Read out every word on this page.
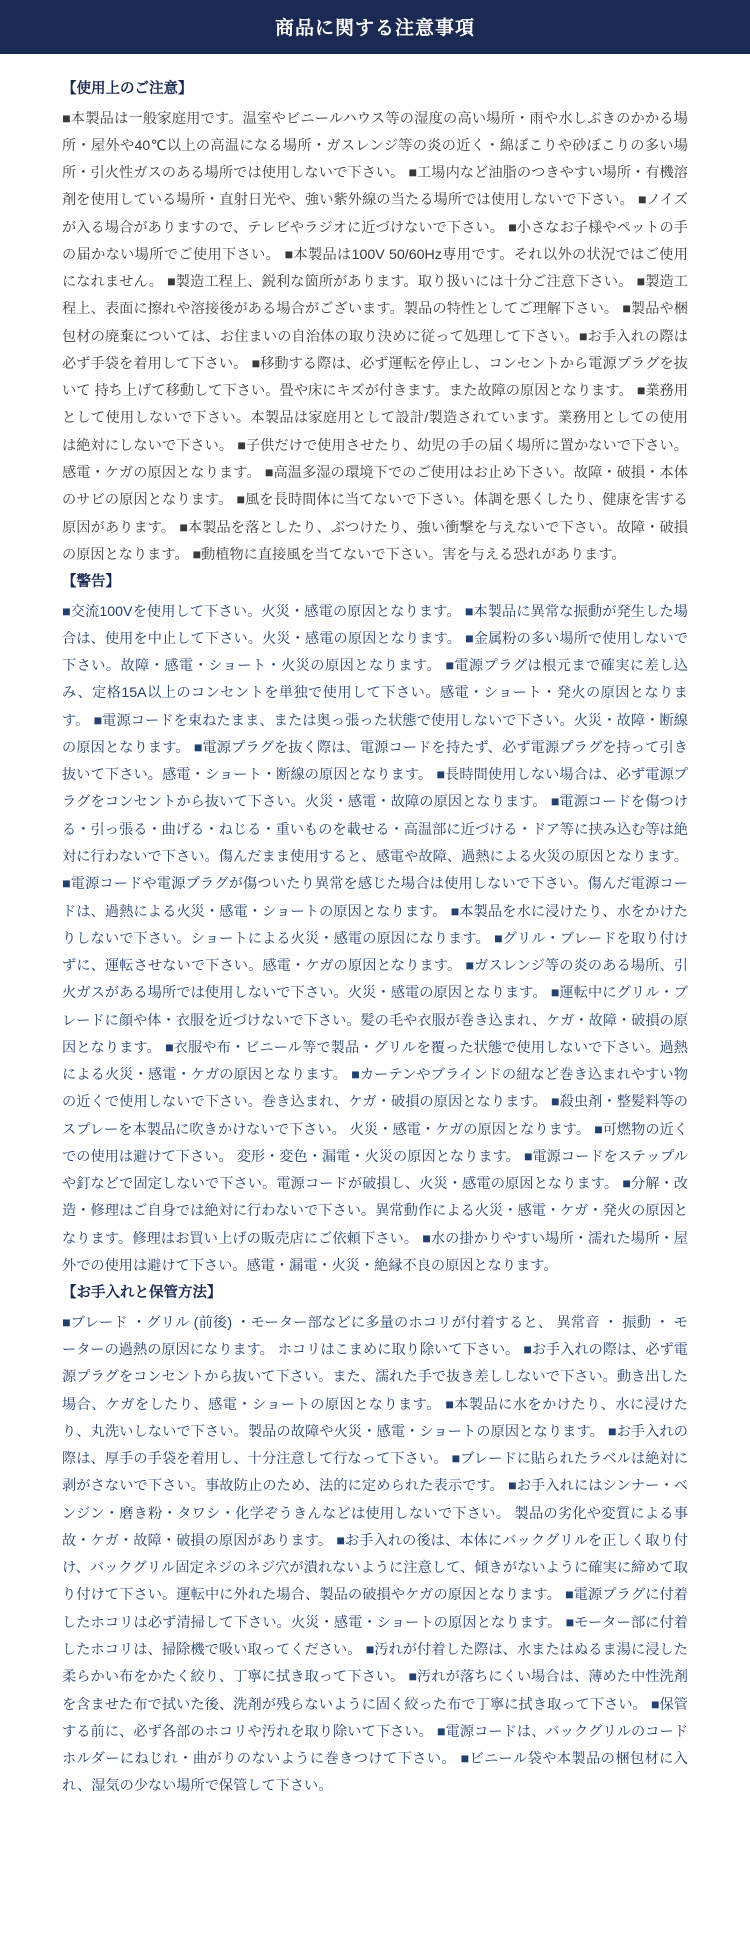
商品に関する注意事項
【使用上のご注意】

■本製品は一般家庭用です。温室やビニールハウス等の湿度の高い場所・雨や水しぶきのかかる場所・屋外や40℃以上の高温になる場所・ガスレンジ等の炎の近く・綿ぼこりや砂ぼこりの多い場所・引火性ガスのある場所では使用しないで下さい。 ■工場内など油脂のつきやすい場所・有機溶剤を使用している場所・直射日光や、強い紫外線の当たる場所では使用しないで下さい。 ■ノイズが入る場合がありますので、テレビやラジオに近づけないで下さい。 ■小さなお子様やペットの手の届かない場所でご使用下さい。 ■本製品は100V 50/60Hz専用です。それ以外の状況ではご使用になれません。 ■製造工程上、鋭利な箇所があります。取り扱いには十分ご注意下さい。 ■製造工程上、表面に擦れや溶接後がある場合がございます。製品の特性としてご理解下さい。 ■製品や梱包材の廃棄については、お住まいの自治体の取り決めに従って処理して下さい。■お手入れの際は必ず手袋を着用して下さい。 ■移動する際は、必ず運転を停止し、コンセントから電源プラグを抜いて 持ち上げて移動して下さい。畳や床にキズが付きます。また故障の原因となります。 ■業務用として使用しないで下さい。本製品は家庭用として設計/製造されています。業務用としての使用は絶対にしないで下さい。 ■子供だけで使用させたり、幼児の手の届く場所に置かないで下さい。感電・ケガの原因となります。 ■高温多湿の環境下でのご使用はお止め下さい。故障・破損・本体のサビの原因となります。 ■風を長時間体に当てないで下さい。体調を悪くしたり、健康を害する原因があります。 ■本製品を落としたり、ぶつけたり、強い衝撃を与えないで下さい。故障・破損の原因となります。 ■動植物に直接風を当てないで下さい。害を与える恐れがあります。

【警告】

■交流100Vを使用して下さい。火災・感電の原因となります。 ■本製品に異常な振動が発生した場合は、使用を中止して下さい。火災・感電の原因となります。 ■金属粉の多い場所で使用しないで下さい。故障・感電・ショート・火災の原因となります。 ■電源プラグは根元まで確実に差し込み、定格15A以上のコンセントを単独で使用して下さい。感電・ショート・発火の原因となります。 ■電源コードを束ねたまま、または奥っ張った状態で使用しないで下さい。火災・故障・断線の原因となります。 ■電源プラグを抜く際は、電源コードを持たず、必ず電源プラグを持って引き抜いて下さい。感電・ショート・断線の原因となります。 ■長時間使用しない場合は、必ず電源プラグをコンセントから抜いて下さい。火災・感電・故障の原因となります。 ■電源コードを傷つける・引っ張る・曲げる・ねじる・重いものを載せる・高温部に近づける・ドア等に挟み込む等は絶対に行わないで下さい。傷んだまま使用すると、感電や故障、過熱による火災の原因となります。 ■電源コードや電源プラグが傷ついたり異常を感じた場合は使用しないで下さい。傷んだ電源コードは、過熱による火災・感電・ショートの原因となります。 ■本製品を水に浸けたり、水をかけたりしないで下さい。ショートによる火災・感電の原因になります。 ■グリル・ブレードを取り付けずに、運転させないで下さい。感電・ケガの原因となります。 ■ガスレンジ等の炎のある場所、引火ガスがある場所では使用しないで下さい。火災・感電の原因となります。 ■運転中にグリル・ブレードに顔や体・衣服を近づけないで下さい。髪の毛や衣服が巻き込まれ、ケガ・故障・破損の原因となります。 ■衣服や布・ビニール等で製品・グリルを覆った状態で使用しないで下さい。過熱による火災・感電・ケガの原因となります。 ■カーテンやブラインドの紐など巻き込まれやすい物の近くで使用しないで下さい。巻き込まれ、ケガ・破損の原因となります。 ■殺虫剤・整髪料等のスプレーを本製品に吹きかけないで下さい。 火災・感電・ケガの原因となります。 ■可燃物の近くでの使用は避けて下さい。 変形・変色・漏電・火災の原因となります。 ■電源コードをステップルや釘などで固定しないで下さい。電源コードが破損し、火災・感電の原因となります。 ■分解・改造・修理はご自身では絶対に行わないで下さい。異常動作による火災・感電・ケガ・発火の原因となります。修理はお買い上げの販売店にご依頼下さい。 ■水の掛かりやすい場所・濡れた場所・屋外での使用は避けて下さい。感電・漏電・火災・絶縁不良の原因となります。

【お手入れと保管方法】

■ブレード ・グリル (前後) ・モーター部などに多量のホコリが付着すると、 異常音 ・ 振動 ・ モーターの過熱の原因になります。 ホコリはこまめに取り除いて下さい。 ■お手入れの際は、必ず電源プラグをコンセントから抜いて下さい。また、濡れた手で抜き差ししないで下さい。動き出した場合、ケガをしたり、感電・ショートの原因となります。 ■本製品に水をかけたり、水に浸けたり、丸洗いしないで下さい。製品の故障や火災・感電・ショートの原因となります。 ■お手入れの際は、厚手の手袋を着用し、十分注意して行なって下さい。 ■ブレードに貼られたラベルは絶対に剥がさないで下さい。事故防止のため、法的に定められた表示です。 ■お手入れにはシンナー・ベンジン・磨き粉・タワシ・化学ぞうきんなどは使用しないで下さい。 製品の劣化や変質による事故・ケガ・故障・破損の原因があります。 ■お手入れの後は、本体にバックグリルを正しく取り付け、バックグリル固定ネジのネジ穴が潰れないように注意して、傾きがないように確実に締めて取り付けて下さい。運転中に外れた場合、製品の破損やケガの原因となります。 ■電源プラグに付着したホコリは必ず清掃して下さい。火災・感電・ショートの原因となります。 ■モーター部に付着したホコリは、掃除機で吸い取ってください。 ■汚れが付着した際は、水またはぬるま湯に浸した柔らかい布をかたく絞り、丁寧に拭き取って下さい。 ■汚れが落ちにくい場合は、薄めた中性洗剤を含ませた布で拭いた後、洗剤が残らないように固く絞った布で丁寧に拭き取って下さい。 ■保管する前に、必ず各部のホコリや汚れを取り除いて下さい。 ■電源コードは、バックグリルのコードホルダーにねじれ・曲がりのないように巻きつけて下さい。 ■ビニール袋や本製品の梱包材に入れ、湿気の少ない場所で保管して下さい。
